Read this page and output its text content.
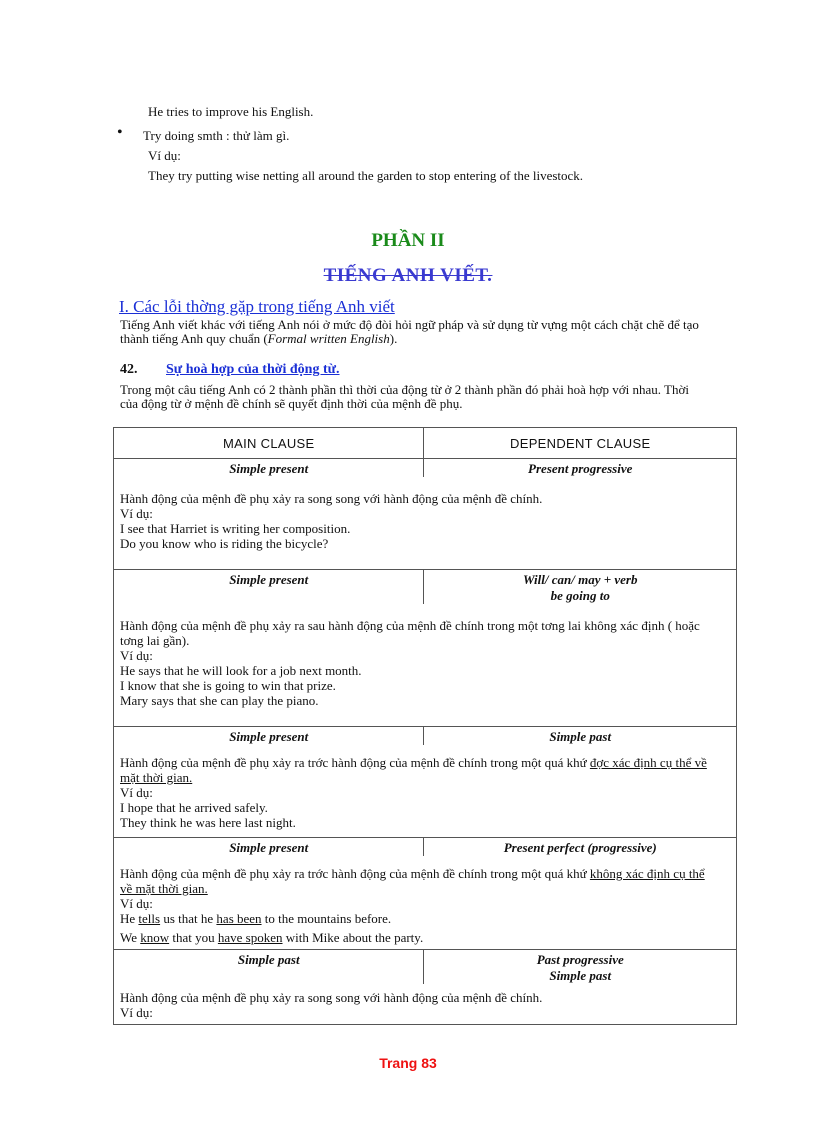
He tries to improve his English.
• Try doing smth : thử làm gì.
Ví dụ:
They try putting wise netting all around the garden to stop entering of the livestock.
PHẦN II
TIẾNG ANH VIẾT.
I. Các lỗi thờng gặp trong tiếng Anh viết
Tiếng Anh viết khác với tiếng Anh nói ở mức độ đòi hỏi ngữ pháp và sử dụng từ vựng một cách chặt chẽ để tạo thành tiếng Anh quy chuẩn (Formal written English).
42. Sự hoà hợp của thời động từ.
Trong một câu tiếng Anh có 2 thành phần thì thời của động từ ở 2 thành phần đó phải hoà hợp với nhau. Thời của động từ ở mệnh đề chính sẽ quyết định thời của mệnh đề phụ.
MAIN CLAUSE	DEPENDENT CLAUSE
Simple present	Present progressive

Hành động của mệnh đề phụ xảy ra song song với hành động của mệnh đề chính.
Ví dụ:
I see that Harriet is writing her composition.
Do you know who is riding the bicycle?	

Simple present	Will/ can/ may + verb
be going to

Hành động của mệnh đề phụ xảy ra sau hành động của mệnh đề chính trong một tơng lai không xác định ( hoặc tơng lai gần).
Ví dụ:
He says that he will look for a job next month.
I know that she is going to win that prize.
Mary says that she can play the piano.	

Simple present	Simple past

Hành động của mệnh đề phụ xảy ra trớc hành động của mệnh đề chính trong một quá khứ đợc xác định cụ thể về mặt thời gian.
Ví dụ:
I hope that he arrived safely.
They think he was here last night.	

Simple present	Present perfect (progressive)

Hành động của mệnh đề phụ xảy ra trớc hành động của mệnh đề chính trong một quá khứ không xác định cụ thể về mặt thời gian.
Ví dụ:
He tells us that he has been to the mountains before.
We know that you have spoken with Mike about the party.	

Simple past	Past progressive
Simple past

Hành động của mệnh đề phụ xảy ra song song với hành động của mệnh đề chính.
Ví dụ:	
Trang 83
